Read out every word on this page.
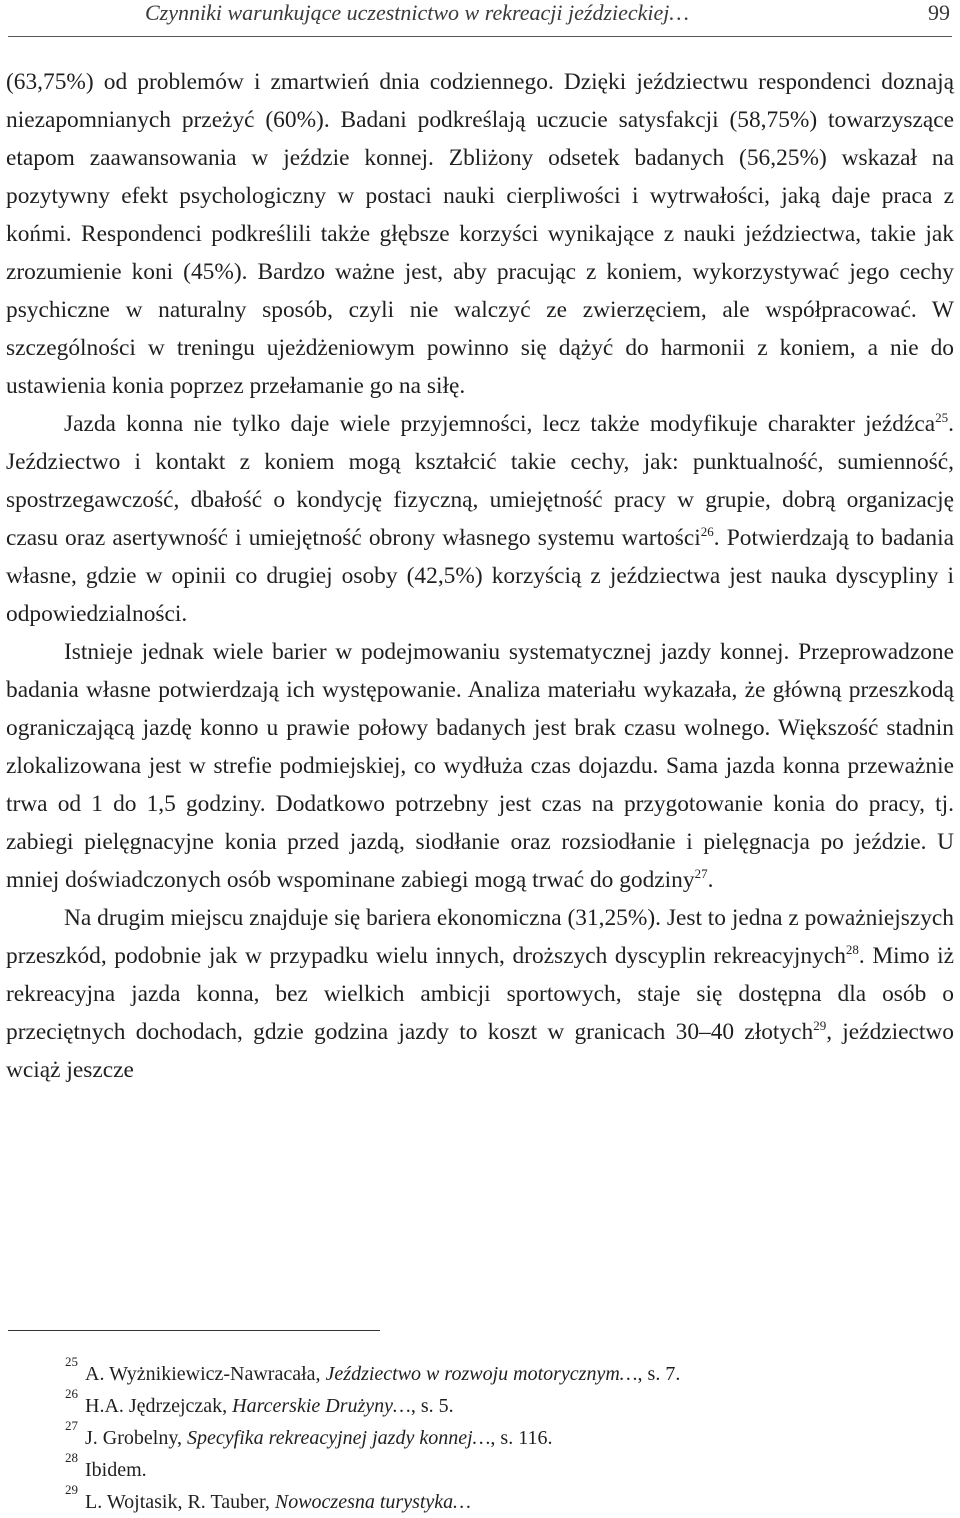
Czynniki warunkujące uczestnictwo w rekreacji jeździeckiej…	99

(63,75%) od problemów i zmartwień dnia codziennego. Dzięki jeździectwu respondenci doznają niezapomnianych przeżyć (60%). Badani podkreślają uczucie satysfakcji (58,75%) towarzyszące etapom zaawansowania w jeździe konnej. Zbliżony odsetek badanych (56,25%) wskazał na pozytywny efekt psychologiczny w postaci nauki cierpliwości i wytrwałości, jaką daje praca z końmi. Respondenci podkreślili także głębsze korzyści wynikające z nauki jeździectwa, takie jak zrozumienie koni (45%). Bardzo ważne jest, aby pracując z koniem, wykorzystywać jego cechy psychiczne w naturalny sposób, czyli nie walczyć ze zwierzęciem, ale współpracować. W szczególności w treningu ujeżdżeniowym powinno się dążyć do harmonii z koniem, a nie do ustawienia konia poprzez przełamanie go na siłę.

Jazda konna nie tylko daje wiele przyjemności, lecz także modyfikuje charakter jeźdźca$^{25}$. Jeździectwo i kontakt z koniem mogą kształcić takie cechy, jak: punktualność, sumienność, spostrzegawczość, dbałość o kondycję fizyczną, umiejętność pracy w grupie, dobrą organizację czasu oraz asertywność i umiejętność obrony własnego systemu wartości$^{26}$. Potwierdzają to badania własne, gdzie w opinii co drugiej osoby (42,5%) korzyścią z jeździectwa jest nauka dyscypliny i odpowiedzialności.

Istnieje jednak wiele barier w podejmowaniu systematycznej jazdy konnej. Przeprowadzone badania własne potwierdzają ich występowanie. Analiza materiału wykazała, że główną przeszkodą ograniczającą jazdę konno u prawie połowy badanych jest brak czasu wolnego. Większość stadnin zlokalizowana jest w strefie podmiejskiej, co wydłuża czas dojazdu. Sama jazda konna przeważnie trwa od 1 do 1,5 godziny. Dodatkowo potrzebny jest czas na przygotowanie konia do pracy, tj. zabiegi pielęgnacyjne konia przed jazdą, siodłanie oraz rozsiodłanie i pielęgnacja po jeździe. U mniej doświadczonych osób wspominane zabiegi mogą trwać do godziny$^{27}$.

Na drugim miejscu znajduje się bariera ekonomiczna (31,25%). Jest to jedna z poważniejszych przeszkód, podobnie jak w przypadku wielu innych, droższych dyscyplin rekreacyjnych$^{28}$. Mimo iż rekreacyjna jazda konna, bez wielkich ambicji sportowych, staje się dostępna dla osób o przeciętnych dochodach, gdzie godzina jazdy to koszt w granicach 30–40 złotych$^{29}$, jeździectwo wciąż jeszcze

25
A. Wyżnikiewicz-Nawracała, Jeździectwo w rozwoju motorycznym…, s. 7.
26
H.A. Jędrzejczak, Harcerskie Drużyny…, s. 5.
27
J. Grobelny, Specyfika rekreacyjnej jazdy konnej…, s. 116.
28
Ibidem.
29
L. Wojtasik, R. Tauber, Nowoczesna turystyka…
